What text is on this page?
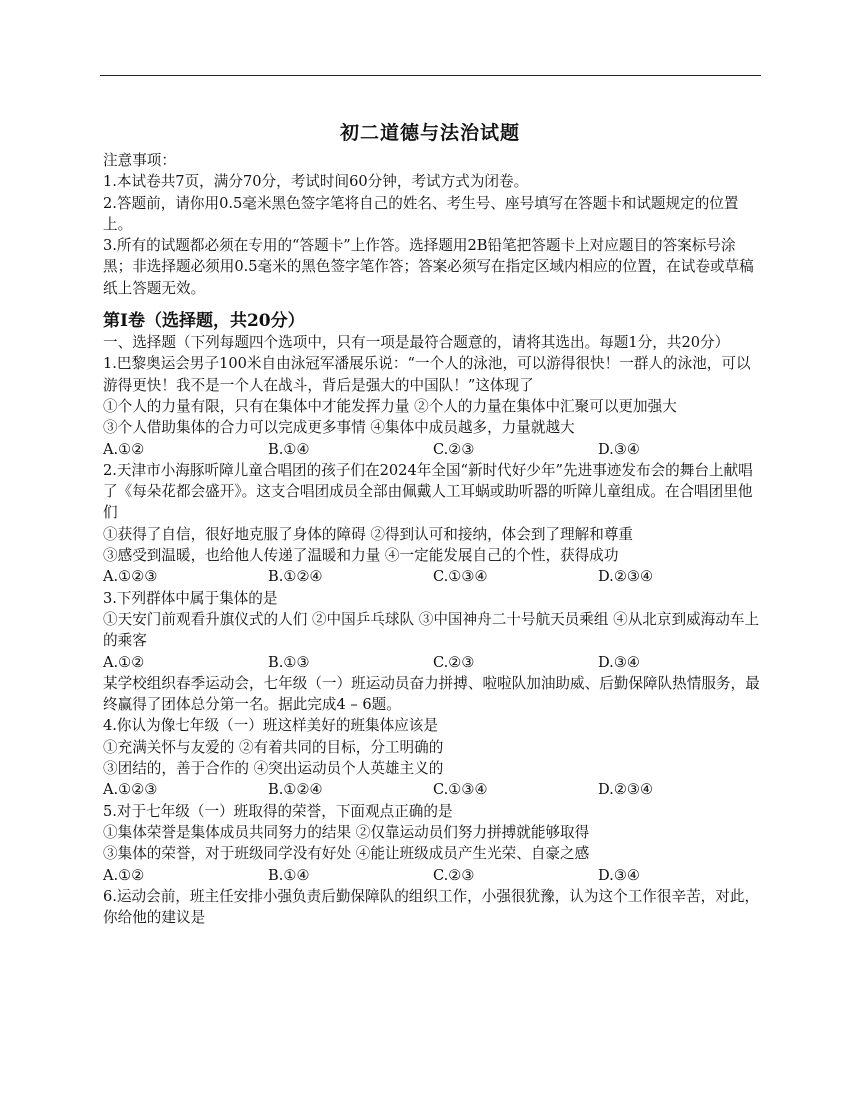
初二道德与法治试题

注意事项：

1.本试卷共7页，满分70分，考试时间60分钟，考试方式为闭卷。

2.答题前，请你用0.5毫米黑色签字笔将自己的姓名、考生号、座号填写在答题卡和试题规定的位置上。

3.所有的试题都必须在专用的“答题卡”上作答。选择题用2B铅笔把答题卡上对应题目的答案标号涂黑；非选择题必须用0.5毫米的黑色签字笔作答；答案必须写在指定区域内相应的位置，在试卷或草稿纸上答题无效。

第Ⅰ卷（选择题，共20分）

一、选择题（下列每题四个选项中，只有一项是最符合题意的，请将其选出。每题1分，共20分）

1.巴黎奥运会男子100米自由泳冠军潘展乐说：“一个人的泳池，可以游得很快！一群人的泳池，可以游得更快！我不是一个人在战斗，背后是强大的中国队！”这体现了

①个人的力量有限，只有在集体中才能发挥力量 ②个人的力量在集体中汇聚可以更加强大

③个人借助集体的合力可以完成更多事情 ④集体中成员越多，力量就越大

A.①②	B.①④	C.②③	D.③④

2.天津市小海豚听障儿童合唱团的孩子们在2024年全国“新时代好少年”先进事迹发布会的舞台上献唱了《每朵花都会盛开》。这支合唱团成员全部由佩戴人工耳蜗或助听器的听障儿童组成。在合唱团里他们

①获得了自信，很好地克服了身体的障碍 ②得到认可和接纳，体会到了理解和尊重

③感受到温暖，也给他人传递了温暖和力量 ④一定能发展自己的个性，获得成功

A.①②③	B.①②④	C.①③④	D.②③④

3.下列群体中属于集体的是

①天安门前观看升旗仪式的人们 ②中国乒乓球队 ③中国神舟二十号航天员乘组 ④从北京到威海动车上的乘客

A.①②	B.①③	C.②③	D.③④

某学校组织春季运动会，七年级（一）班运动员奋力拼搏、啦啦队加油助威、后勤保障队热情服务，最终赢得了团体总分第一名。据此完成4 – 6题。

4.你认为像七年级（一）班这样美好的班集体应该是

①充满关怀与友爱的 ②有着共同的目标，分工明确的

③团结的，善于合作的 ④突出运动员个人英雄主义的

A.①②③	B.①②④	C.①③④	D.②③④

5.对于七年级（一）班取得的荣誉，下面观点正确的是

①集体荣誉是集体成员共同努力的结果 ②仅靠运动员们努力拼搏就能够取得

③集体的荣誉，对于班级同学没有好处 ④能让班级成员产生光荣、自豪之感

A.①②	B.①④	C.②③	D.③④

6.运动会前，班主任安排小强负责后勤保障队的组织工作，小强很犹豫，认为这个工作很辛苦，对此，你给他的建议是
